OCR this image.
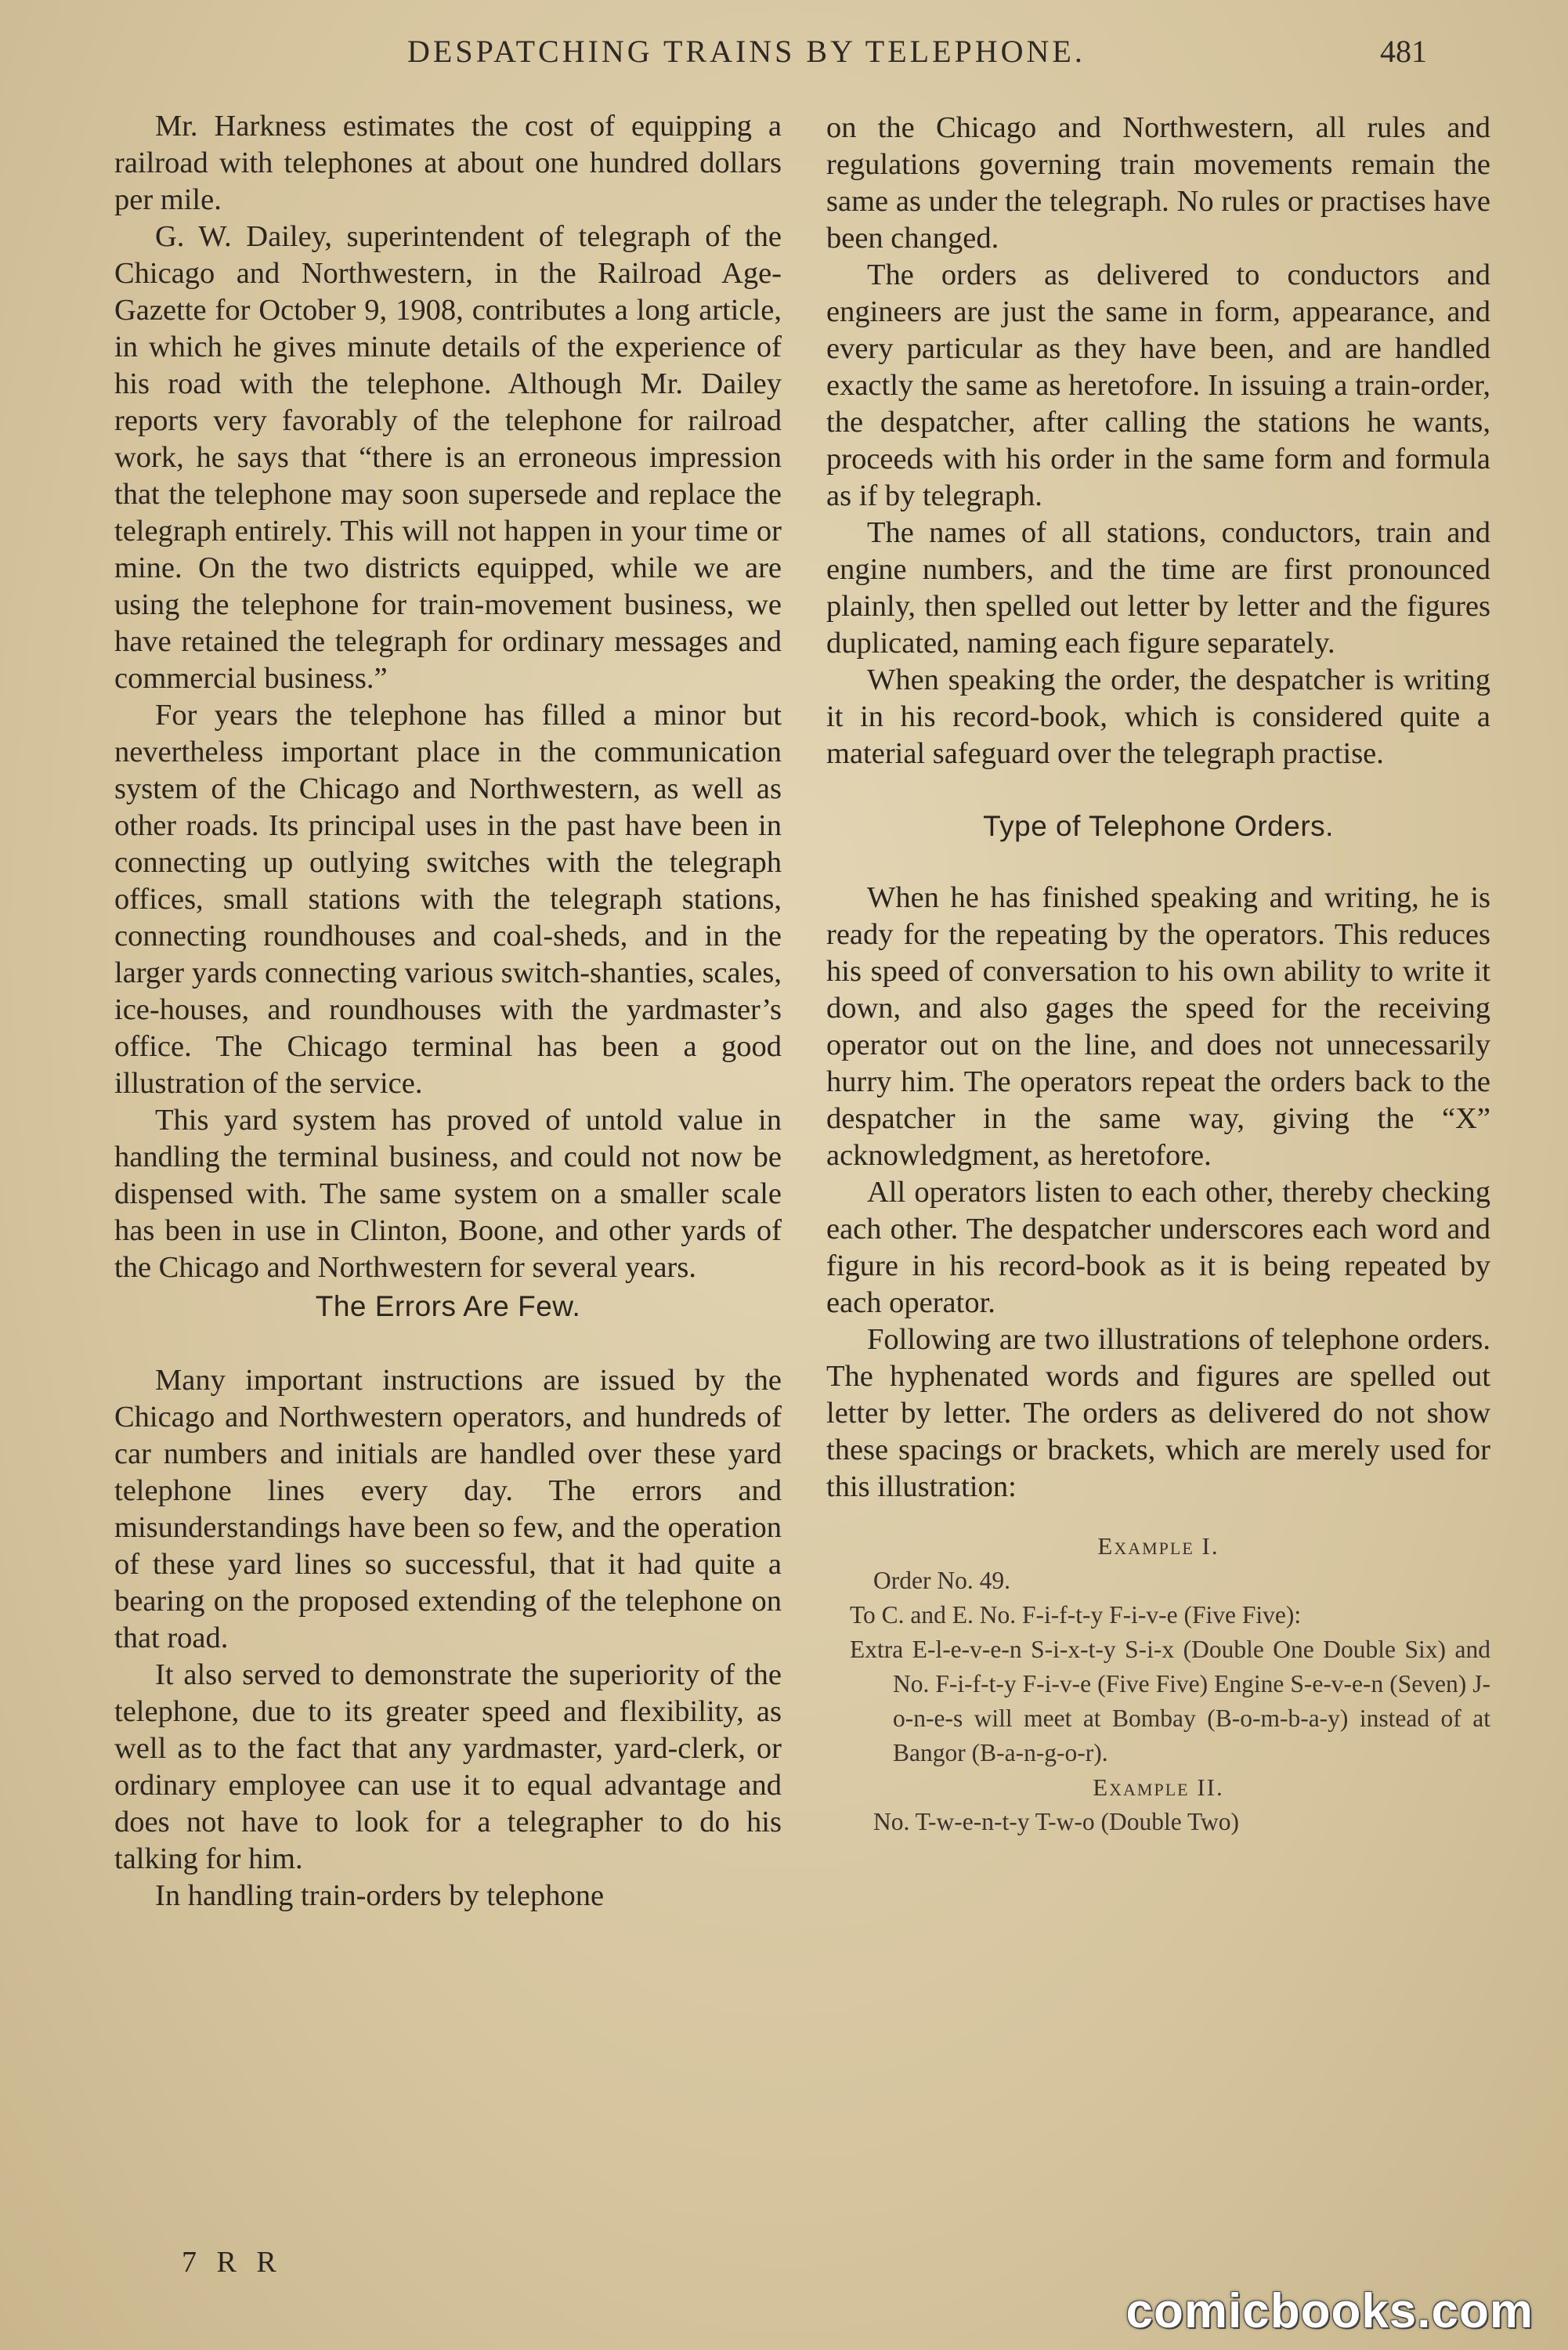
DESPATCHING TRAINS BY TELEPHONE.	481

Mr. Harkness estimates the cost of equipping a railroad with telephones at about one hundred dollars per mile.

G. W. Dailey, superintendent of telegraph of the Chicago and Northwestern, in the Railroad Age-Gazette for October 9, 1908, contributes a long article, in which he gives minute details of the experience of his road with the telephone. Although Mr. Dailey reports very favorably of the telephone for railroad work, he says that “there is an erroneous impression that the telephone may soon supersede and replace the telegraph entirely. This will not happen in your time or mine. On the two districts equipped, while we are using the telephone for train-movement business, we have retained the telegraph for ordinary messages and commercial business.”

For years the telephone has filled a minor but nevertheless important place in the communication system of the Chicago and Northwestern, as well as other roads. Its principal uses in the past have been in connecting up outlying switches with the telegraph offices, small stations with the telegraph stations, connecting roundhouses and coal-sheds, and in the larger yards connecting various switch-shanties, scales, ice-houses, and roundhouses with the yardmaster’s office. The Chicago terminal has been a good illustration of the service.

This yard system has proved of untold value in handling the terminal business, and could not now be dispensed with. The same system on a smaller scale has been in use in Clinton, Boone, and other yards of the Chicago and Northwestern for several years.

The Errors Are Few.

Many important instructions are issued by the Chicago and Northwestern operators, and hundreds of car numbers and initials are handled over these yard telephone lines every day. The errors and misunderstandings have been so few, and the operation of these yard lines so successful, that it had quite a bearing on the proposed extending of the telephone on that road.

It also served to demonstrate the superiority of the telephone, due to its greater speed and flexibility, as well as to the fact that any yardmaster, yard-clerk, or ordinary employee can use it to equal advantage and does not have to look for a telegrapher to do his talking for him.

In handling train-orders by telephone

on the Chicago and Northwestern, all rules and regulations governing train movements remain the same as under the telegraph. No rules or practises have been changed.

The orders as delivered to conductors and engineers are just the same in form, appearance, and every particular as they have been, and are handled exactly the same as heretofore. In issuing a train-order, the despatcher, after calling the stations he wants, proceeds with his order in the same form and formula as if by telegraph.

The names of all stations, conductors, train and engine numbers, and the time are first pronounced plainly, then spelled out letter by letter and the figures duplicated, naming each figure separately.

When speaking the order, the despatcher is writing it in his record-book, which is considered quite a material safeguard over the telegraph practise.

Type of Telephone Orders.

When he has finished speaking and writing, he is ready for the repeating by the operators. This reduces his speed of conversation to his own ability to write it down, and also gages the speed for the receiving operator out on the line, and does not unnecessarily hurry him. The operators repeat the orders back to the despatcher in the same way, giving the “X” acknowledgment, as heretofore.

All operators listen to each other, thereby checking each other. The despatcher underscores each word and figure in his record-book as it is being repeated by each operator.

Following are two illustrations of telephone orders. The hyphenated words and figures are spelled out letter by letter. The orders as delivered do not show these spacings or brackets, which are merely used for this illustration:

Example I.
Order No. 49.
To C. and E. No. F-i-f-t-y F-i-v-e (Five Five):
Extra E-l-e-v-e-n S-i-x-t-y S-i-x (Double One Double Six) and No. F-i-f-t-y F-i-v-e (Five Five) Engine S-e-v-e-n (Seven) J-o-n-e-s will meet at Bombay (B-o-m-b-a-y) instead of at Bangor (B-a-n-g-o-r).
Example II.
No. T-w-e-n-t-y T-w-o (Double Two)
7 R R
comicbooks.com
